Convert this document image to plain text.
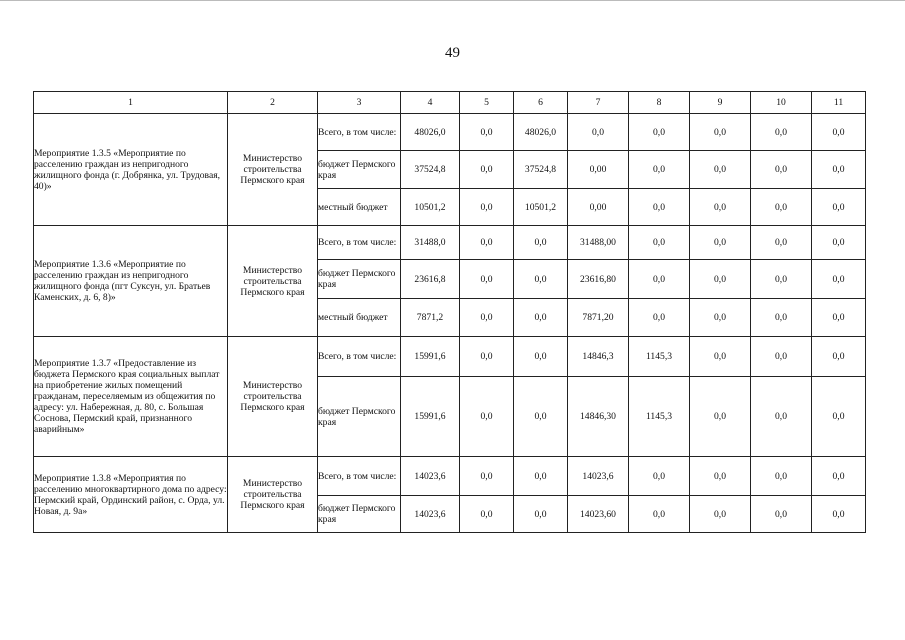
49
1	2	3	4	5	6	7	8	9	10	11
Мероприятие 1.3.5 «Мероприятие по расселению граждан из непригодного жилищного фонда (г. Добрянка, ул. Трудовая, 40)»	Министерство строительства Пермского края	Всего, в том числе:	48026,0	0,0	48026,0	0,0	0,0	0,0	0,0	0,0
		бюджет Пермского края	37524,8	0,0	37524,8	0,00	0,0	0,0	0,0	0,0
		местный бюджет	10501,2	0,0	10501,2	0,00	0,0	0,0	0,0	0,0
Мероприятие 1.3.6 «Мероприятие по расселению граждан из непригодного жилищного фонда (пгт Суксун, ул. Братьев Каменских, д. 6, 8)»	Министерство строительства Пермского края	Всего, в том числе:	31488,0	0,0	0,0	31488,00	0,0	0,0	0,0	0,0
		бюджет Пермского края	23616,8	0,0	0,0	23616,80	0,0	0,0	0,0	0,0
		местный бюджет	7871,2	0,0	0,0	7871,20	0,0	0,0	0,0	0,0
Мероприятие 1.3.7 «Предоставление из бюджета Пермского края социальных выплат на приобретение жилых помещений гражданам, переселяемым из общежития по адресу: ул. Набережная, д. 80, с. Большая Соснова, Пермский край, признанного аварийным»	Министерство строительства Пермского края	Всего, в том числе:	15991,6	0,0	0,0	14846,3	1145,3	0,0	0,0	0,0
		бюджет Пермского края	15991,6	0,0	0,0	14846,30	1145,3	0,0	0,0	0,0
Мероприятие 1.3.8 «Мероприятия по расселению многоквартирного дома по адресу: Пермский край, Ординский район, с. Орда, ул. Новая, д. 9а»	Министерство строительства Пермского края	Всего, в том числе:	14023,6	0,0	0,0	14023,6	0,0	0,0	0,0	0,0
		бюджет Пермского края	14023,6	0,0	0,0	14023,60	0,0	0,0	0,0	0,0
